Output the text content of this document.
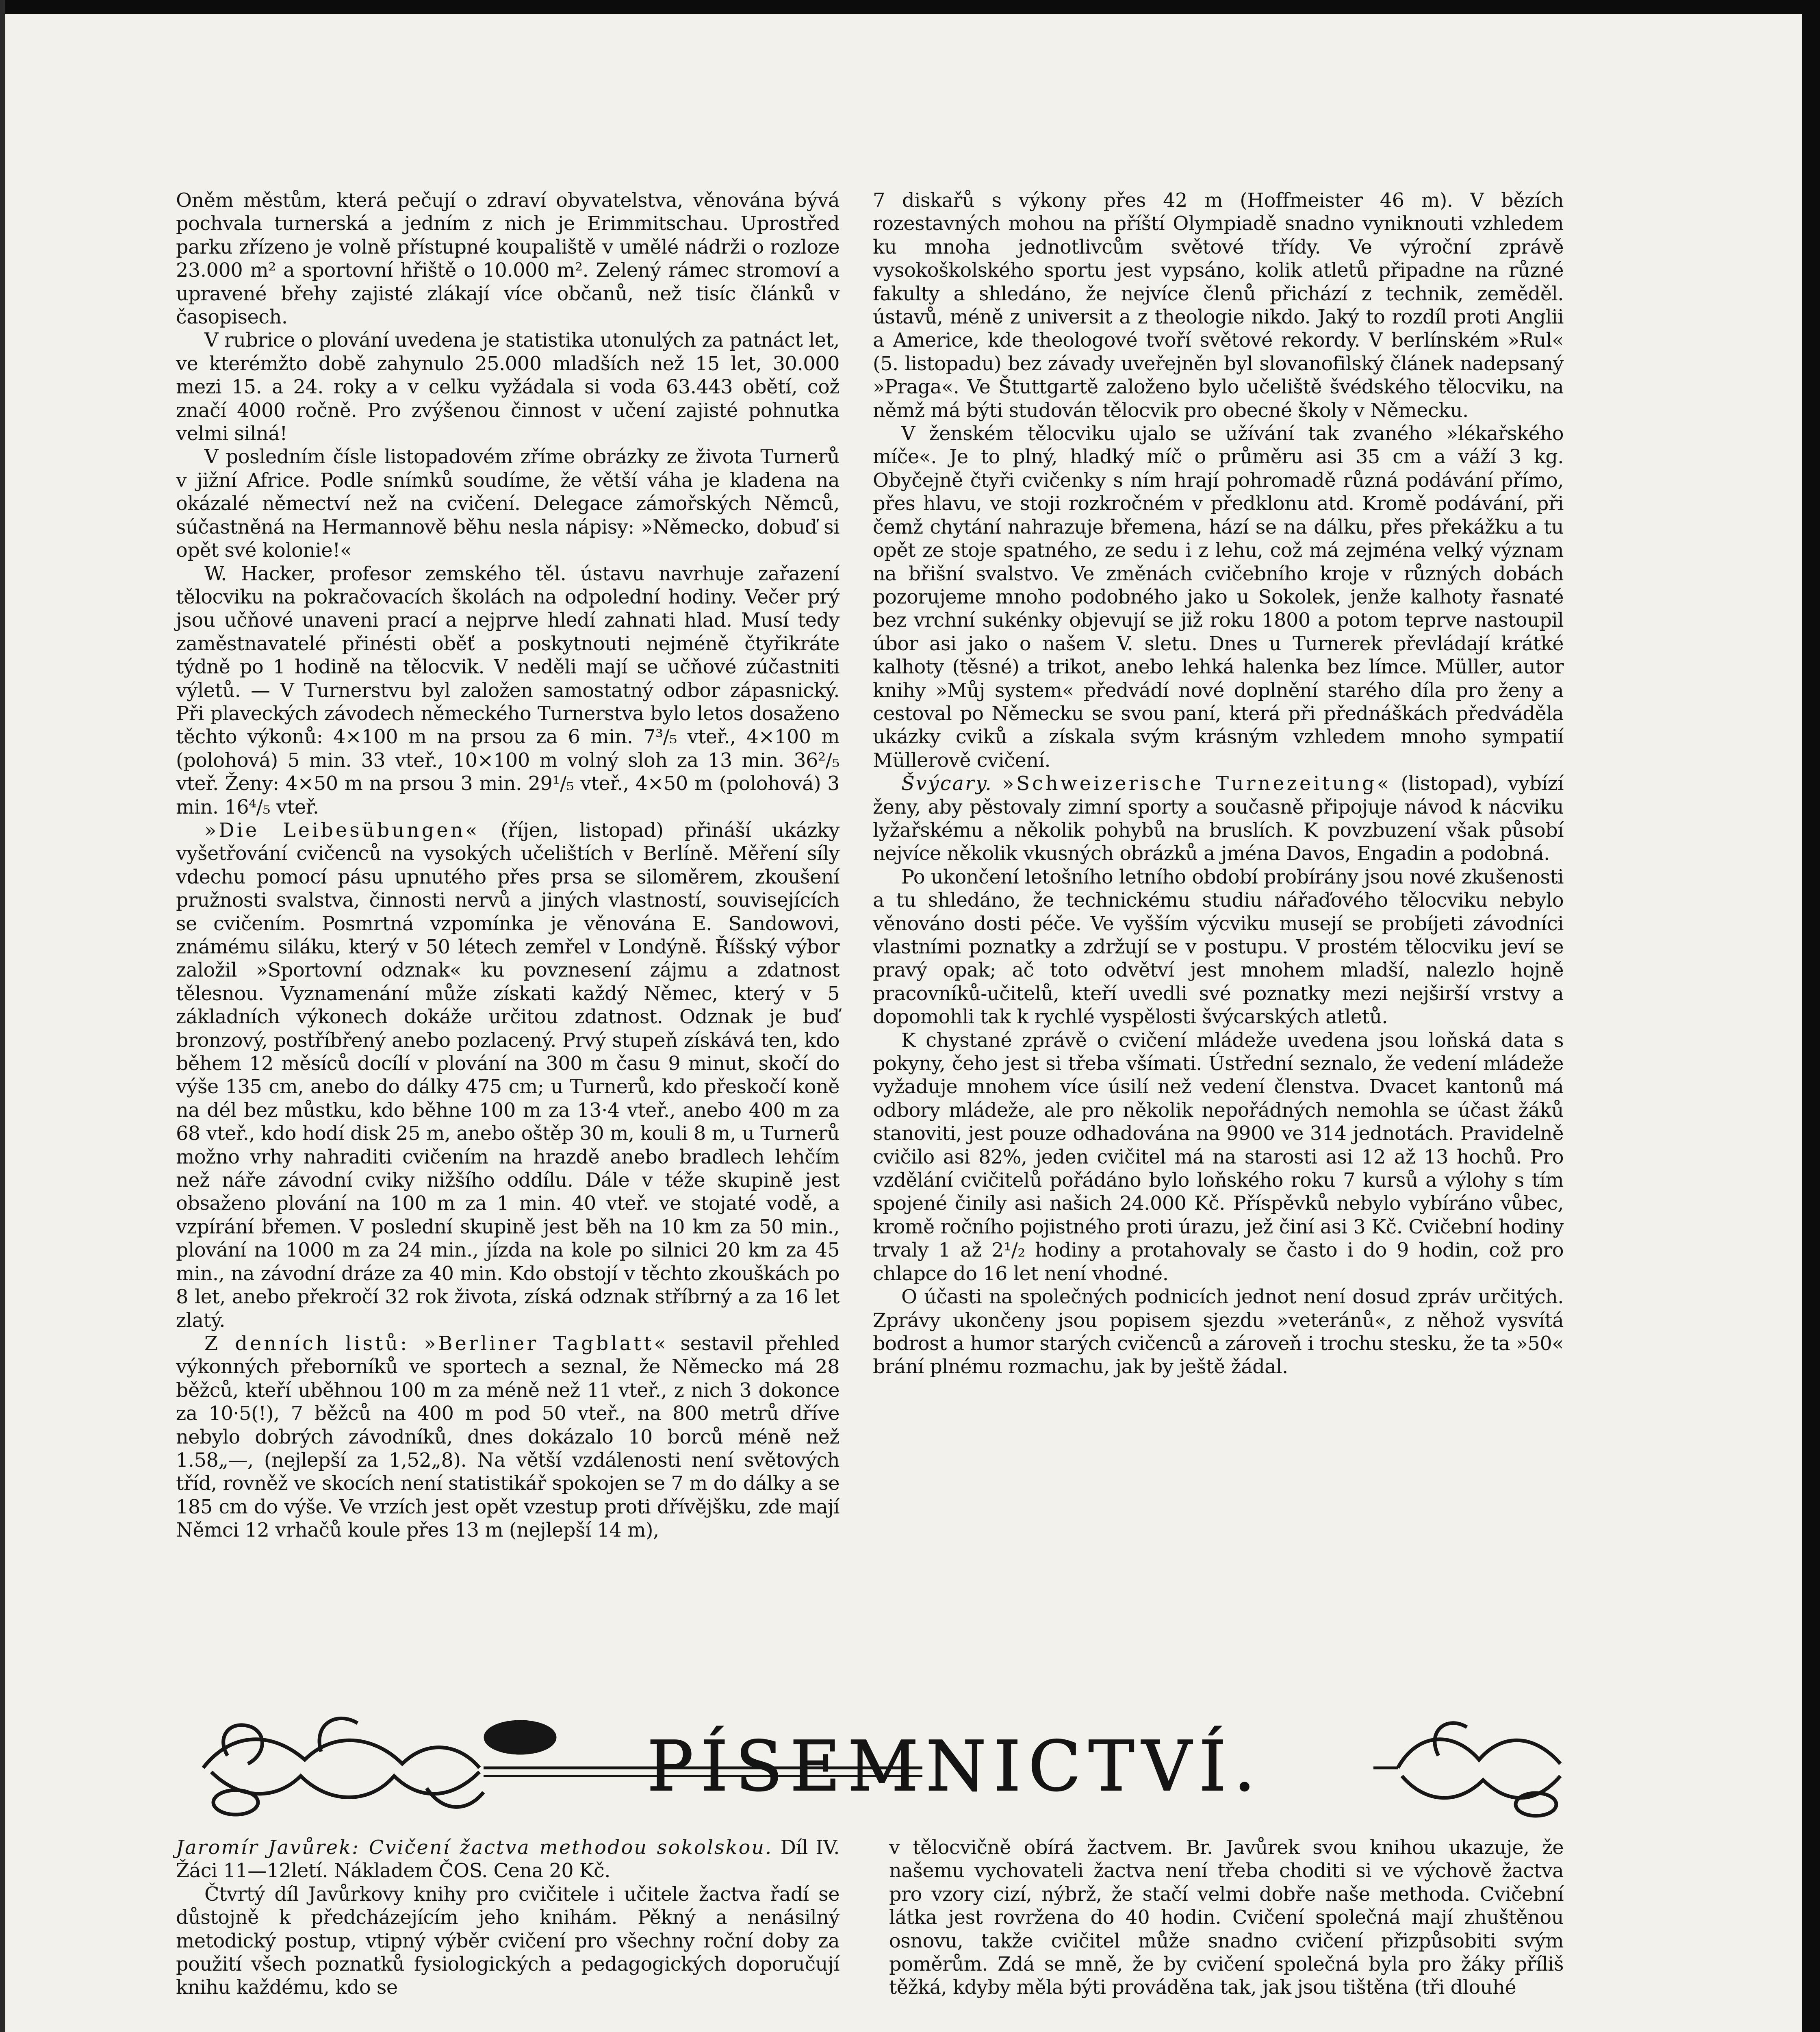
Oněm městům, která pečují o zdraví obyvatelstva, věnována bývá pochvala turnerská a jedním z nich je Erimmitschau. Uprostřed parku zřízeno je volně přístupné koupaliště v umělé nádrži o rozloze 23.000 m² a sportovní hřiště o 10.000 m². Zelený rámec stromoví a upravené břehy zajisté zlákají více občanů, než tisíc článků v časopisech.

V rubrice o plování uvedena je statistika utonulých za patnáct let, ve kterémžto době zahynulo 25.000 mladších než 15 let, 30.000 mezi 15. a 24. roky a v celku vyžádala si voda 63.443 obětí, což značí 4000 ročně. Pro zvýšenou činnost v učení zajisté pohnutka velmi silná!

V posledním čísle listopadovém zříme obrázky ze života Turnerů v jižní Africe. Podle snímků soudíme, že větší váha je kladena na okázalé němectví než na cvičení. Delegace zámořských Němců, súčastněná na Hermannově běhu nesla nápisy: »Německo, dobuď si opět své kolonie!«

W. Hacker, profesor zemského těl. ústavu navrhuje zařazení tělocviku na pokračovacích školách na odpolední hodiny. Večer prý jsou učňové unaveni prací a nejprve hledí zahnati hlad. Musí tedy zaměstnavatelé přinésti oběť a poskytnouti nejméně čtyřikráte týdně po 1 hodině na tělocvik. V neděli mají se učňové zúčastniti výletů. — V Turnerstvu byl založen samostatný odbor zápasnický. Při plaveckých závodech německého Turnerstva bylo letos dosaženo těchto výkonů: 4×100 m na prsou za 6 min. 7³/₅ vteř., 4×100 m (polohová) 5 min. 33 vteř., 10×100 m volný sloh za 13 min. 36²/₅ vteř. Ženy: 4×50 m na prsou 3 min. 29¹/₅ vteř., 4×50 m (polohová) 3 min. 16⁴/₅ vteř.

»Die Leibesübungen« (říjen, listopad) přináší ukázky vyšetřování cvičenců na vysokých učelištích v Berlíně. Měření síly vdechu pomocí pásu upnutého přes prsa se siloměrem, zkoušení pružnosti svalstva, činnosti nervů a jiných vlastností, souvisejících se cvičením. Posmrtná vzpomínka je věnována E. Sandowovi, známému siláku, který v 50 létech zemřel v Londýně. Říšský výbor založil »Sportovní odznak« ku povznesení zájmu a zdatnost tělesnou. Vyznamenání může získati každý Němec, který v 5 základních výkonech dokáže určitou zdatnost. Odznak je buď bronzový, postříbřený anebo pozlacený. Prvý stupeň získává ten, kdo během 12 měsíců docílí v plování na 300 m času 9 minut, skočí do výše 135 cm, anebo do dálky 475 cm; u Turnerů, kdo přeskočí koně na dél bez můstku, kdo běhne 100 m za 13·4 vteř., anebo 400 m za 68 vteř., kdo hodí disk 25 m, anebo oštěp 30 m, kouli 8 m, u Turnerů možno vrhy nahraditi cvičením na hrazdě anebo bradlech lehčím než náře závodní cviky nižšího oddílu. Dále v téže skupině jest obsaženo plování na 100 m za 1 min. 40 vteř. ve stojaté vodě, a vzpírání břemen. V poslední skupině jest běh na 10 km za 50 min., plování na 1000 m za 24 min., jízda na kole po silnici 20 km za 45 min., na závodní dráze za 40 min. Kdo obstojí v těchto zkouškách po 8 let, anebo překročí 32 rok života, získá odznak stříbrný a za 16 let zlatý.

Z denních listů: »Berliner Tagblatt« sestavil přehled výkonných přeborníků ve sportech a seznal, že Německo má 28 běžců, kteří uběhnou 100 m za méně než 11 vteř., z nich 3 dokonce za 10·5(!), 7 běžců na 400 m pod 50 vteř., na 800 metrů dříve nebylo dobrých závodníků, dnes dokázalo 10 borců méně než 1.58„—, (nejlepší za 1,52„8). Na větší vzdálenosti není světových tříd, rovněž ve skocích není statistikář spokojen se 7 m do dálky a se 185 cm do výše. Ve vrzích jest opět vzestup proti dřívějšku, zde mají Němci 12 vrhačů koule přes 13 m (nejlepší 14 m),

7 diskařů s výkony přes 42 m (Hoffmeister 46 m). V bězích rozestavných mohou na příští Olympiadě snadno vyniknouti vzhledem ku mnoha jednotlivcům světové třídy. Ve výroční zprávě vysokoškolského sportu jest vypsáno, kolik atletů připadne na různé fakulty a shledáno, že nejvíce členů přichází z technik, zeměděl. ústavů, méně z universit a z theologie nikdo. Jaký to rozdíl proti Anglii a Americe, kde theologové tvoří světové rekordy. V berlínském »Rul« (5. listopadu) bez závady uveřejněn byl slovanofilský článek nadepsaný »Praga«. Ve Štuttgartě založeno bylo učeliště švédského tělocviku, na němž má býti studován tělocvik pro obecné školy v Německu.

V ženském tělocviku ujalo se užívání tak zvaného »lékařského míče«. Je to plný, hladký míč o průměru asi 35 cm a váží 3 kg. Obyčejně čtyři cvičenky s ním hrají pohromadě různá podávání přímo, přes hlavu, ve stoji rozkročném v předklonu atd. Kromě podávání, při čemž chytání nahrazuje břemena, hází se na dálku, přes překážku a tu opět ze stoje spatného, ze sedu i z lehu, což má zejména velký význam na břišní svalstvo. Ve změnách cvičebního kroje v různých dobách pozorujeme mnoho podobného jako u Sokolek, jenže kalhoty řasnaté bez vrchní sukénky objevují se již roku 1800 a potom teprve nastoupil úbor asi jako o našem V. sletu. Dnes u Turnerek převládají krátké kalhoty (těsné) a trikot, anebo lehká halenka bez límce. Müller, autor knihy »Můj system« předvádí nové doplnění starého díla pro ženy a cestoval po Německu se svou paní, která při přednáškách předváděla ukázky cviků a získala svým krásným vzhledem mnoho sympatií Müllerově cvičení.

Švýcary. »Schweizerische Turnezeitung« (listopad), vybízí ženy, aby pěstovaly zimní sporty a současně připojuje návod k nácviku lyžařskému a několik pohybů na bruslích. K povzbuzení však působí nejvíce několik vkusných obrázků a jména Davos, Engadin a podobná.

Po ukončení letošního letního období probírány jsou nové zkušenosti a tu shledáno, že technickému studiu nářaďového tělocviku nebylo věnováno dosti péče. Ve vyšším výcviku musejí se probíjeti závodníci vlastními poznatky a zdržují se v postupu. V prostém tělocviku jeví se pravý opak; ač toto odvětví jest mnohem mladší, nalezlo hojně pracovníků-učitelů, kteří uvedli své poznatky mezi nejširší vrstvy a dopomohli tak k rychlé vyspělosti švýcarských atletů.

K chystané zprávě o cvičení mládeže uvedena jsou loňská data s pokyny, čeho jest si třeba všímati. Ústřední seznalo, že vedení mládeže vyžaduje mnohem více úsilí než vedení členstva. Dvacet kantonů má odbory mládeže, ale pro několik nepořádných nemohla se účast žáků stanoviti, jest pouze odhadována na 9900 ve 314 jednotách. Pravidelně cvičilo asi 82%, jeden cvičitel má na starosti asi 12 až 13 hochů. Pro vzdělání cvičitelů pořádáno bylo loňského roku 7 kursů a výlohy s tím spojené činily asi našich 24.000 Kč. Příspěvků nebylo vybíráno vůbec, kromě ročního pojistného proti úrazu, jež činí asi 3 Kč. Cvičební hodiny trvaly 1 až 2¹/₂ hodiny a protahovaly se často i do 9 hodin, což pro chlapce do 16 let není vhodné.

O účasti na společných podnicích jednot není dosud zpráv určitých. Zprávy ukončeny jsou popisem sjezdu »veteránů«, z něhož vysvítá bodrost a humor starých cvičenců a zároveň i trochu stesku, že ta »50« brání plnému rozmachu, jak by ještě žádal.

PÍSEMNICTVÍ.

Jaromír Javůrek: Cvičení žactva methodou sokolskou. Díl IV. Žáci 11—12letí. Nákladem ČOS. Cena 20 Kč.

Čtvrtý díl Javůrkovy knihy pro cvičitele i učitele žactva řadí se důstojně k předcházejícím jeho knihám. Pěkný a nenásilný metodický postup, vtipný výběr cvičení pro všechny roční doby za použití všech poznatků fysiologických a pedagogických doporučují knihu každému, kdo se

v tělocvičně obírá žactvem. Br. Javůrek svou knihou ukazuje, že našemu vychovateli žactva není třeba choditi si ve výchově žactva pro vzory cizí, nýbrž, že stačí velmi dobře naše methoda. Cvičební látka jest rovržena do 40 hodin. Cvičení společná mají zhuštěnou osnovu, takže cvičitel může snadno cvičení přizpůsobiti svým poměrům. Zdá se mně, že by cvičení společná byla pro žáky příliš těžká, kdyby měla býti prováděna tak, jak jsou tištěna (tři dlouhé
